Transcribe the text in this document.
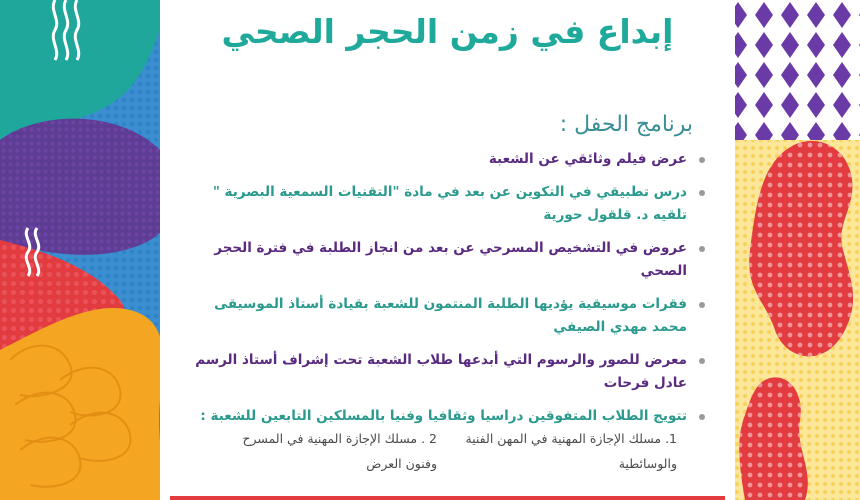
إبداع في زمن الحجر الصحي
برنامج الحفل :
عرض فيلم وثائقي عن الشعبة
درس تطبيقي في التكوين عن بعد في مادة "التقنيات السمعية البصرية " تلقيه د. قلقول حورية
عروض في التشخيص المسرحي عن بعد من انجاز الطلبة في فترة الحجر الصحي
فقرات موسيقية يؤديها الطلبة المنتمون للشعبة بقيادة أستاذ الموسيقى محمد مهدي الصيفي
معرض للصور والرسوم التي أبدعها طلاب الشعبة تحت إشراف أستاذ الرسم عادل فرحات
تتويج الطلاب المتفوقين دراسيا وثقافيا وفنيا بالمسلكين التابعين للشعبة :
1. مسلك الإجازة المهنية في المهن الفنية والوسائطية
2 . مسلك الإجازة المهنية في المسرح وفنون العرض
